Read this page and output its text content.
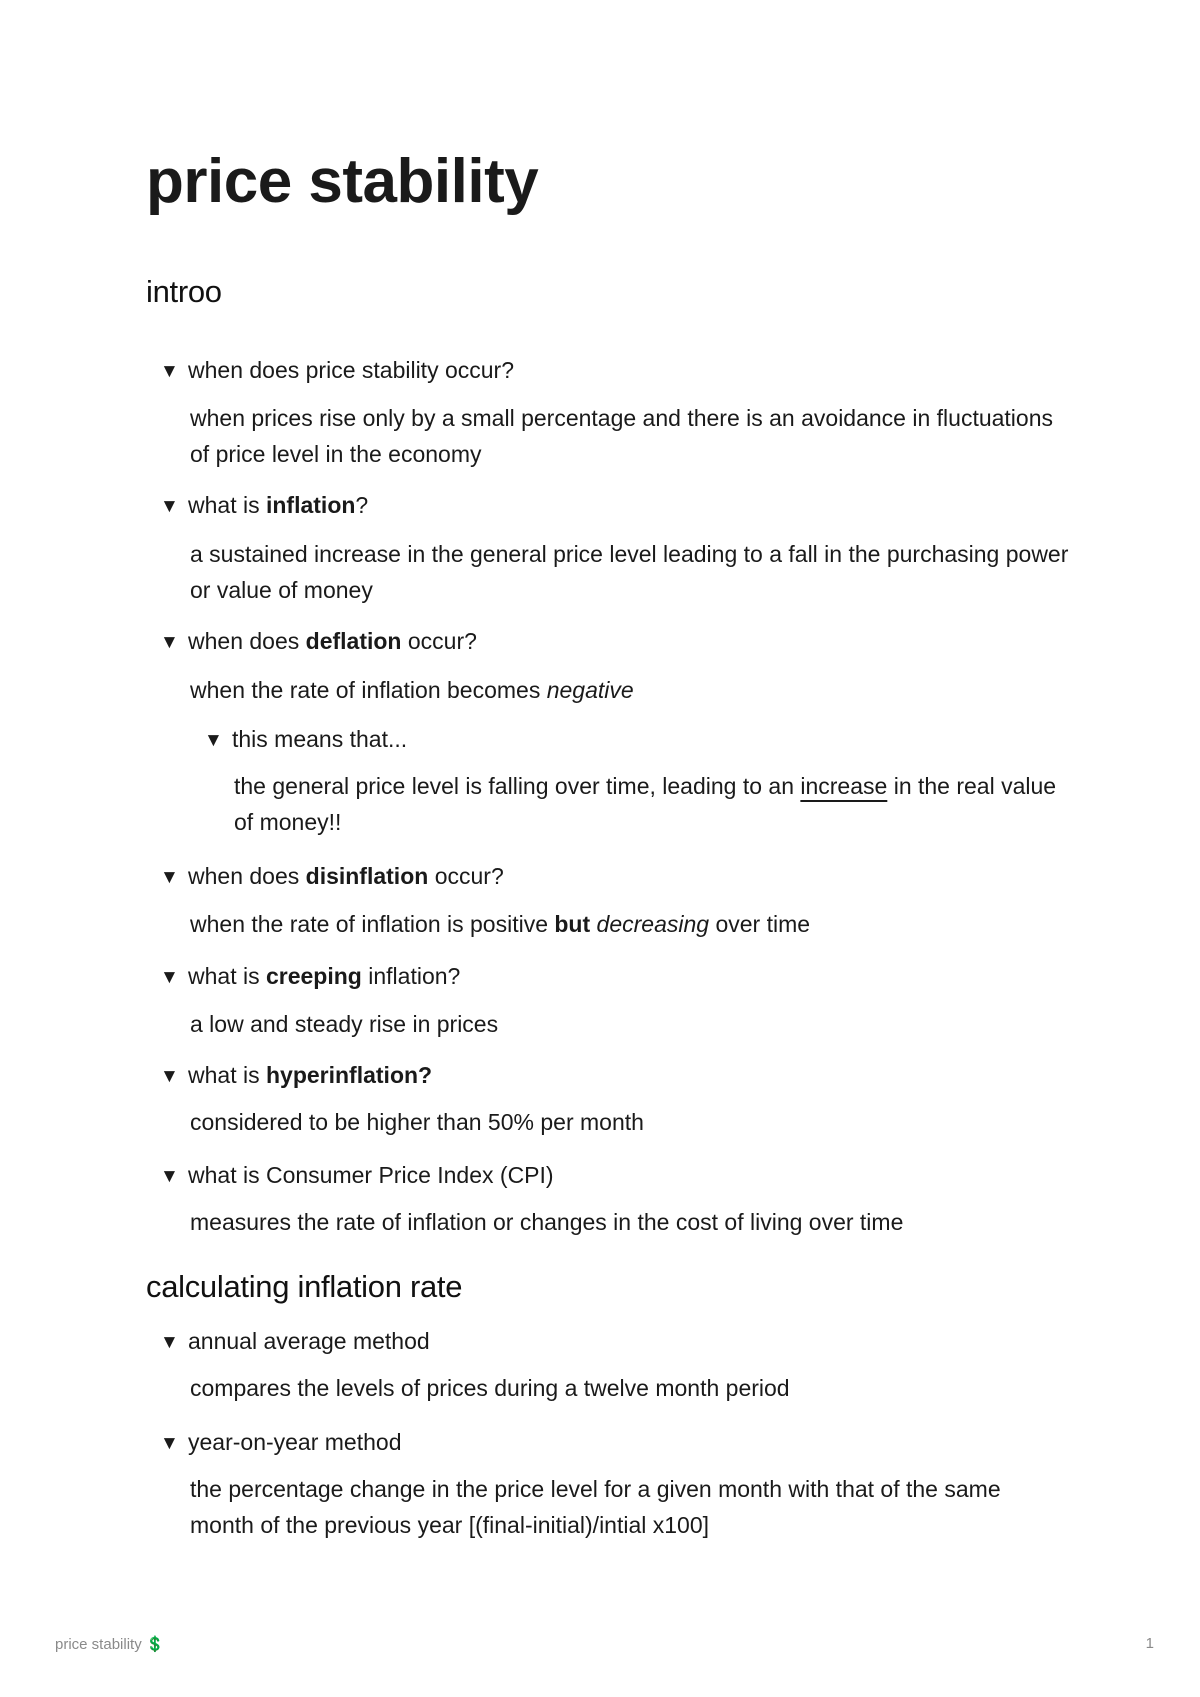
price stability
introo
▼ when does price stability occur?
when prices rise only by a small percentage and there is an avoidance in fluctuations of price level in the economy
▼ what is inflation?
a sustained increase in the general price level leading to a fall in the purchasing power or value of money
▼ when does deflation occur?
when the rate of inflation becomes negative
▼ this means that...
the general price level is falling over time, leading to an increase in the real value of money!!
▼ when does disinflation occur?
when the rate of inflation is positive but decreasing over time
▼ what is creeping inflation?
a low and steady rise in prices
▼ what is hyperinflation?
considered to be higher than 50% per month
▼ what is Consumer Price Index (CPI)
measures the rate of inflation or changes in the cost of living over time
calculating inflation rate
▼ annual average method
compares the levels of prices during a twelve month period
▼ year-on-year method
the percentage change in the price level for a given month with that of the same month of the previous year [(final-initial)/intial x100]
price stability 💲	1
